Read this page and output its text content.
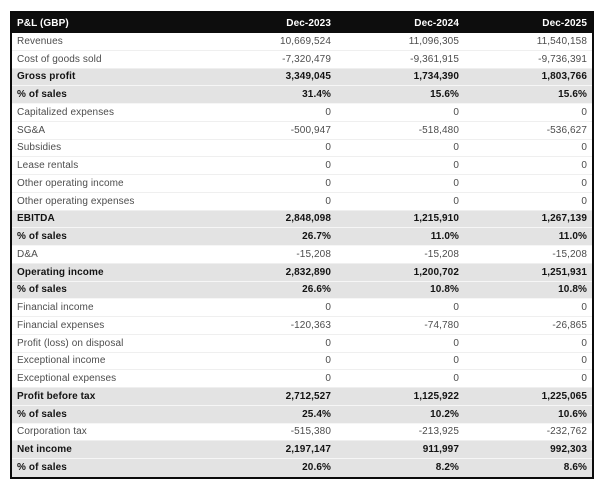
P&L (GBP)	Dec-2023	Dec-2024	Dec-2025
Revenues	10,669,524	11,096,305	11,540,158
Cost of goods sold	-7,320,479	-9,361,915	-9,736,391
Gross profit	3,349,045	1,734,390	1,803,766
% of sales	31.4%	15.6%	15.6%
Capitalized expenses	0	0	0
SG&A	-500,947	-518,480	-536,627
Subsidies	0	0	0
Lease rentals	0	0	0
Other operating income	0	0	0
Other operating expenses	0	0	0
EBITDA	2,848,098	1,215,910	1,267,139
% of sales	26.7%	11.0%	11.0%
D&A	-15,208	-15,208	-15,208
Operating income	2,832,890	1,200,702	1,251,931
% of sales	26.6%	10.8%	10.8%
Financial income	0	0	0
Financial expenses	-120,363	-74,780	-26,865
Profit (loss) on disposal	0	0	0
Exceptional income	0	0	0
Exceptional expenses	0	0	0
Profit before tax	2,712,527	1,125,922	1,225,065
% of sales	25.4%	10.2%	10.6%
Corporation tax	-515,380	-213,925	-232,762
Net income	2,197,147	911,997	992,303
% of sales	20.6%	8.2%	8.6%
